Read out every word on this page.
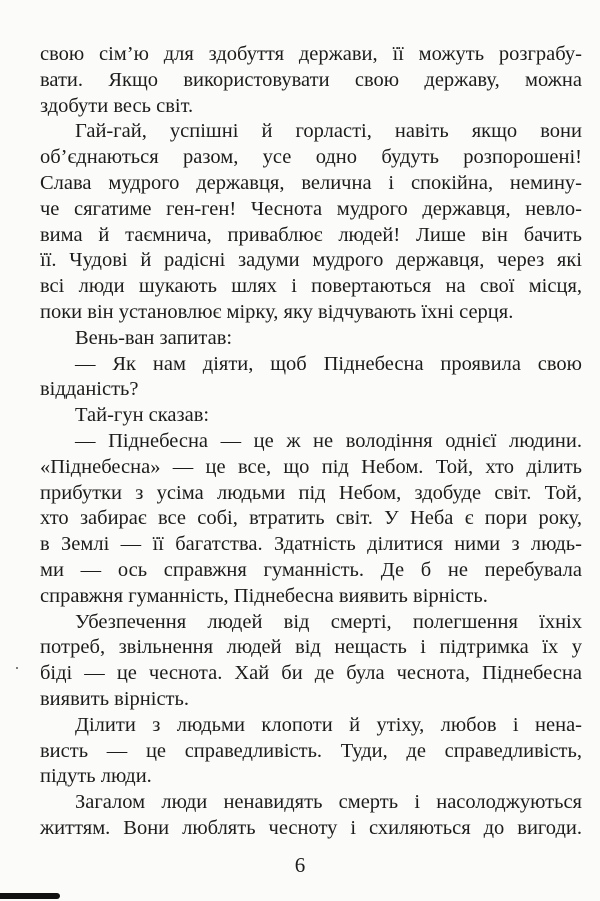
свою сім’ю для здобуття держави, її можуть розграбу-
вати. Якщо використовувати свою державу, можна
здобути весь світ.
Гай-гай, успішні й горласті, навіть якщо вони
об’єднаються разом, усе одно будуть розпорошені!
Слава мудрого державця, велична і спокійна, немину-
че сягатиме ген-ген! Чеснота мудрого державця, невло-
вима й таємнича, приваблює людей! Лише він бачить
її. Чудові й радісні задуми мудрого державця, через які
всі люди шукають шлях і повертаються на свої місця,
поки він установлює мірку, яку відчувають їхні серця.
Вень-ван запитав:
— Як нам діяти, щоб Піднебесна проявила свою
відданість?
Тай-гун сказав:
— Піднебесна — це ж не володіння однієї людини.
«Піднебесна» — це все, що під Небом. Той, хто ділить
прибутки з усіма людьми під Небом, здобуде світ. Той,
хто забирає все собі, втратить світ. У Неба є пори року,
в Землі — її багатства. Здатність ділитися ними з людь-
ми — ось справжня гуманність. Де б не перебувала
справжня гуманність, Піднебесна виявить вірність.
Убезпечення людей від смерті, полегшення їхніх
потреб, звільнення людей від нещасть і підтримка їх у
біді — це чеснота. Хай би де була чеснота, Піднебесна
виявить вірність.
Ділити з людьми клопоти й утіху, любов і нена-
висть — це справедливість. Туди, де справедливість,
підуть люди.
Загалом люди ненавидять смерть і насолоджуються
життям. Вони люблять чесноту і схиляються до вигоди.
6
